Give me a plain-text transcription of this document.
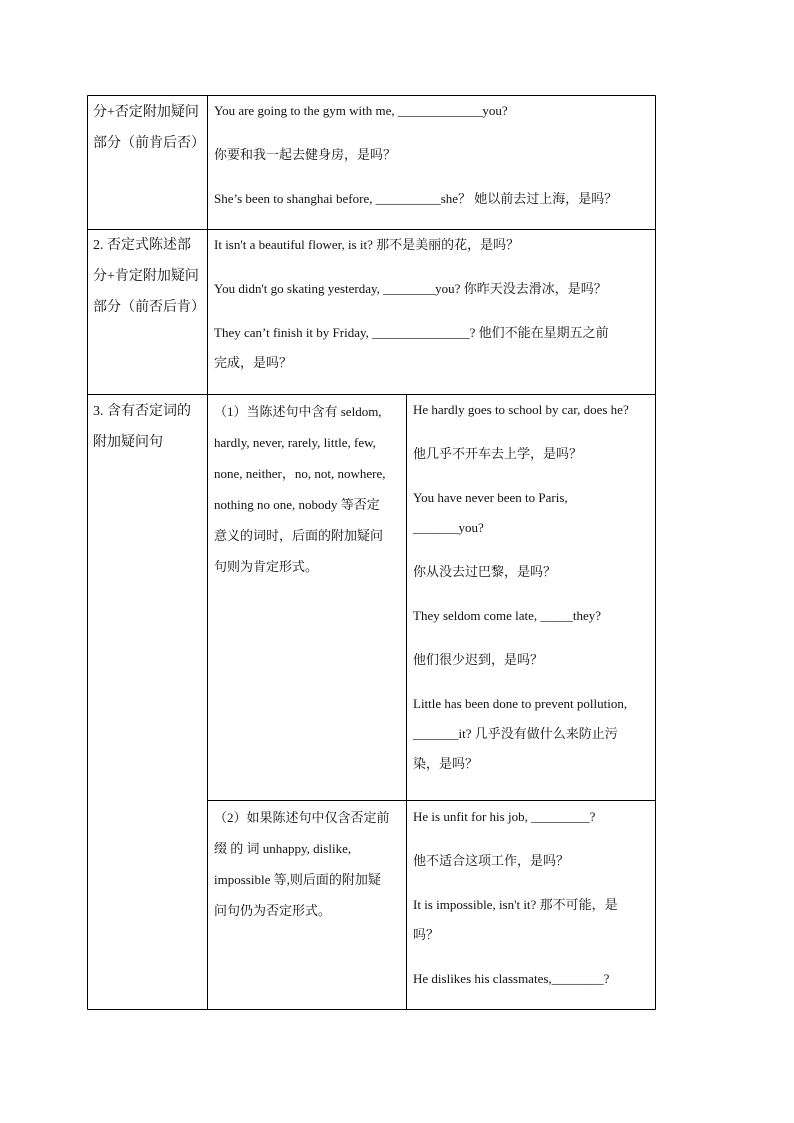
分+否定附加疑问

部分（前肯后否）

You are going to the gym with me, _____________you?

你要和我一起去健身房，是吗？

She’s been to shanghai before, __________she？ 她以前去过上海，是吗？

2. 否定式陈述部

分+肯定附加疑问

部分（前否后肯）

It isn't a beautiful flower, is it? 那不是美丽的花，是吗？

You didn't go skating yesterday, ________you? 你昨天没去滑冰，是吗？

They can’t finish it by Friday, _______________? 他们不能在星期五之前

完成，是吗？

3. 含有否定词的

附加疑问句

（1）当陈述句中含有 seldom,

hardly, never, rarely, little, few,

none, neither，no, not, nowhere,

nothing no one, nobody 等否定

意义的词时，后面的附加疑问

句则为肯定形式。

He hardly goes to school by car, does he?

他几乎不开车去上学，是吗？

You have never been to Paris,

_______you?

你从没去过巴黎，是吗？

They seldom come late, _____they?

他们很少迟到，是吗？

Little has been done to prevent pollution,

_______it? 几乎没有做什么来防止污

染，是吗？

（2）如果陈述句中仅含否定前

缀 的 词 unhappy, dislike,

impossible 等,则后面的附加疑

问句仍为否定形式。

He is unfit for his job, _________?

他不适合这项工作，是吗？

It is impossible, isn't it? 那不可能，是

吗？

He dislikes his classmates,________?
